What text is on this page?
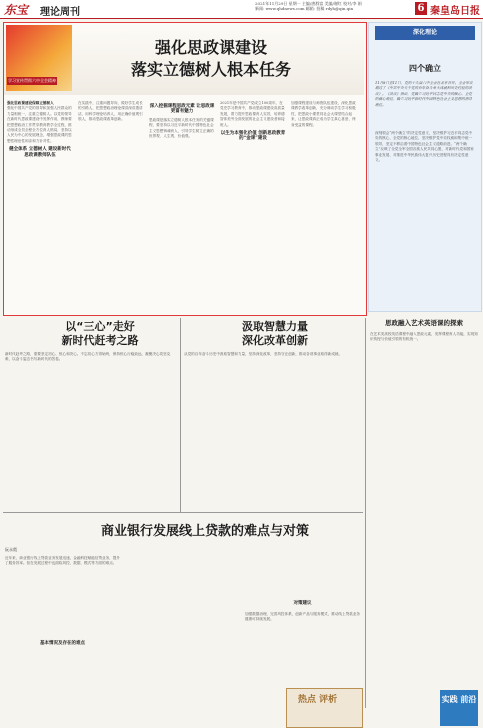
东宝 理论周刊
2021年11月29日 星期一 主编/唐群富 美编/谢红 校对/李 娟
新闻: www.qhdnews.com 邮箱: 投稿 rdyh@qin.qin	6 秦皇岛日报
学习宣传贯彻六中全会精神
强化思政课建设
落实立德树人根本任务

强化思政课建设保障立德树人

强化中国共产党的领导和加强人民群众的力量相统一，注重立德树人。以党的领导在新时代思政课建设中发挥作用，教师要把思想政治工作贯穿教育教学全过程，推动形成全员全程全方位育人格局，坚持以人民为中心的发展理念，增强思政课的思想性理论性和亲和力针对性。

健全体系 立德树人 建设新时代思政课教师队伍

在实践中，注重问题导向，做好学生成长的引路人，把思想政治理论课讲深讲透讲活，用科学理论培养人，用正确价值观引领人，推动思政课改革创新。

深入挖掘课程思政元素 让思政课更富有魅力

思政课是落实立德树人根本任务的关键课程，要坚持以习近平新时代中国特色社会主义思想铸魂育人，引导学生树立正确的世界观、人生观、价值观。

2021年是中国共产党成立100周年，在党史学习教育中，推动思政课建设高质量发展，着力提升思政课育人实效，培养德智体美劳全面发展的社会主义建设者和接班人。

以生为本强化价值 创新思政教育的“金课”建设

加强课程建设与师资队伍建设，深化思政课教学改革创新，充分调动学生学习积极性，把思政小课堂同社会大课堂结合起来，让思政课真正成为学生真心喜爱、终身受益的课程。

深化理论
四个确立
11月8日至11日，党的十九届六中全会在北京召开。全会审议通过了《中共中央关于党的百年奋斗重大成就和历史经验的决议》。《决议》指出，党确立习近平同志党中央的核心、全党的核心地位，确立习近平新时代中国特色社会主义思想的指导地位。
深刻领会“两个确立”的决定性意义，坚决维护习近平同志党中央的核心、全党的核心地位，坚决维护党中央权威和集中统一领导，坚定不移沿着中国特色社会主义道路前进。“两个确立”反映了全党全军全国各族人民共同心愿，对新时代党和国家事业发展、对推进中华民族伟大复兴历史进程具有决定性意义。
以“三心”走好
新时代赶考之路
新时代赶考之路，需要坚定初心、恒心和决心。不忘初心方得始终，保持恒心行稳致远，凝聚决心攻坚克难，以奋斗姿态书写新时代的答卷。
汲取智慧力量
深化改革创新
从党的百年奋斗历史中汲取智慧和力量，坚持深化改革，坚持守正创新，推动各项事业取得新成就。
思政融入艺术英语课的探索
在艺术类高校英语课程中融入思政元素，发挥课程育人功能，实现知识传授与价值引领的有机统一。
商业银行发展线上贷款的难点与对策
阮永霞
近年来，商业银行线上贷款业务发展迅速，金融科技赋能信贷业务，提升了服务效率。但在发展过程中也面临风控、数据、模式等方面的难点。
基本情况及存在的难点
对策建议
加强数据治理，完善风控体系，创新产品与服务模式，推动线上贷款业务健康可持续发展。
热点 评析	实践 前沿
